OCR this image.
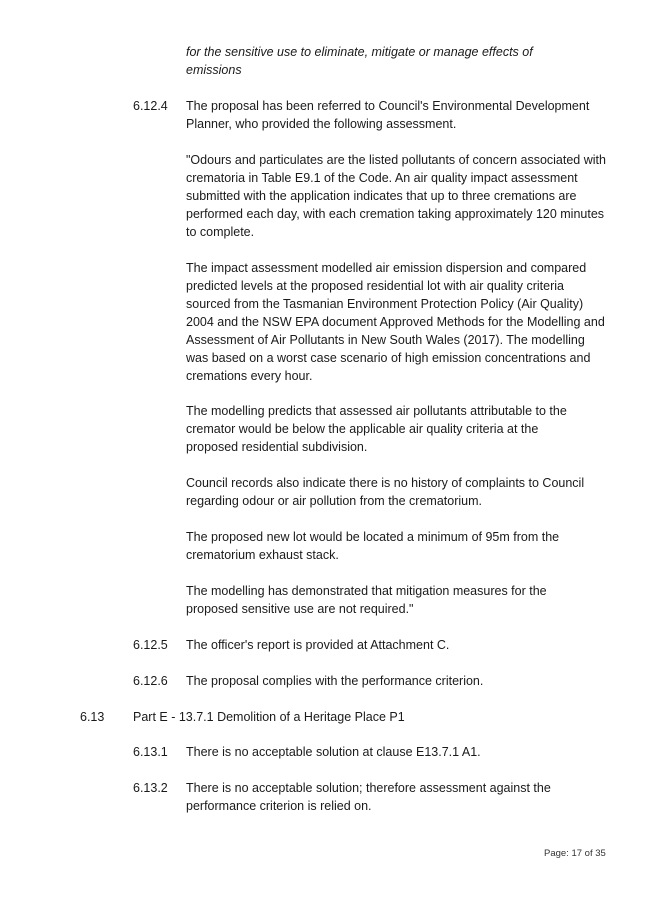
for the sensitive use to eliminate, mitigate or manage effects of emissions

6.12.4 The proposal has been referred to Council's Environmental Development Planner, who provided the following assessment.

"Odours and particulates are the listed pollutants of concern associated with crematoria in Table E9.1 of the Code. An air quality impact assessment submitted with the application indicates that up to three cremations are performed each day, with each cremation taking approximately 120 minutes to complete.

The impact assessment modelled air emission dispersion and compared predicted levels at the proposed residential lot with air quality criteria sourced from the Tasmanian Environment Protection Policy (Air Quality) 2004 and the NSW EPA document Approved Methods for the Modelling and Assessment of Air Pollutants in New South Wales (2017). The modelling was based on a worst case scenario of high emission concentrations and cremations every hour.

The modelling predicts that assessed air pollutants attributable to the cremator would be below the applicable air quality criteria at the proposed residential subdivision.

Council records also indicate there is no history of complaints to Council regarding odour or air pollution from the crematorium.

The proposed new lot would be located a minimum of 95m from the crematorium exhaust stack.

The modelling has demonstrated that mitigation measures for the proposed sensitive use are not required."

6.12.5 The officer's report is provided at Attachment C.

6.12.6 The proposal complies with the performance criterion.

6.13 Part E - 13.7.1 Demolition of a Heritage Place P1

6.13.1 There is no acceptable solution at clause E13.7.1 A1.

6.13.2 There is no acceptable solution; therefore assessment against the performance criterion is relied on.

Page: 17 of 35
